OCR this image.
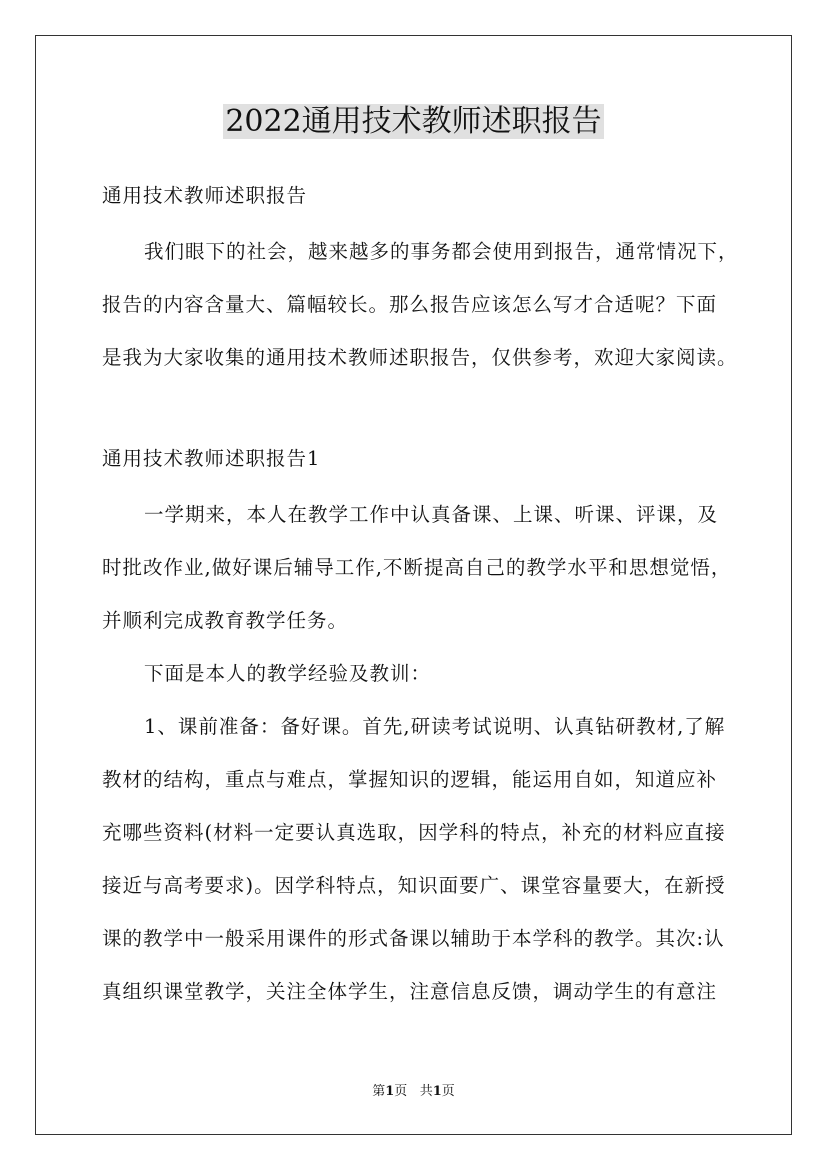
2022通用技术教师述职报告
通用技术教师述职报告
我们眼下的社会，越来越多的事务都会使用到报告，通常情况下，
报告的内容含量大、篇幅较长。那么报告应该怎么写才合适呢？下面
是我为大家收集的通用技术教师述职报告，仅供参考，欢迎大家阅读。
通用技术教师述职报告1
一学期来，本人在教学工作中认真备课、上课、听课、评课，及
时批改作业,做好课后辅导工作,不断提高自己的教学水平和思想觉悟，
并顺利完成教育教学任务。
下面是本人的教学经验及教训：
1、课前准备：备好课。首先,研读考试说明、认真钻研教材,了解
教材的结构，重点与难点，掌握知识的逻辑，能运用自如，知道应补
充哪些资料(材料一定要认真选取，因学科的特点，补充的材料应直接
接近与高考要求)。因学科特点，知识面要广、课堂容量要大，在新授
课的教学中一般采用课件的形式备课以辅助于本学科的教学。其次:认
真组织课堂教学，关注全体学生，注意信息反馈，调动学生的有意注
第1页 共1页
